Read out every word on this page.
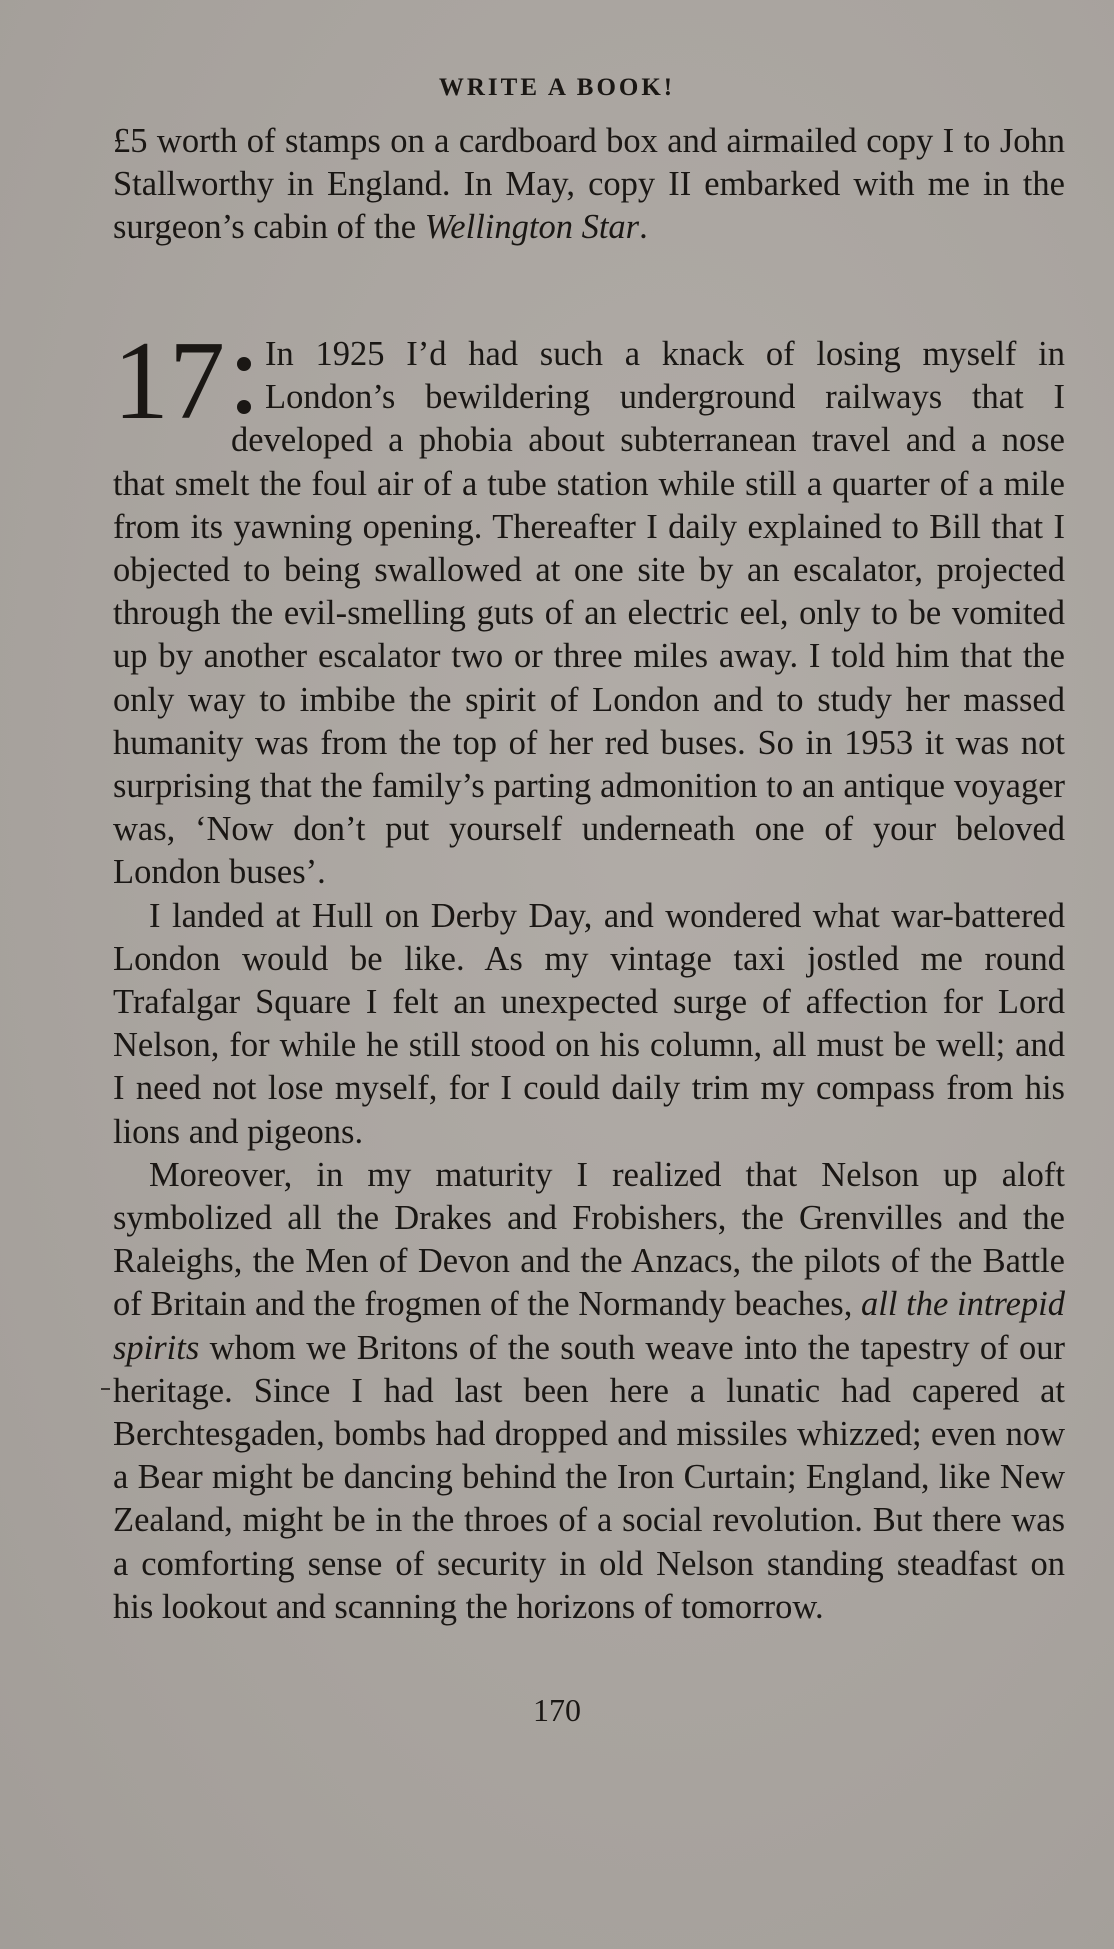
WRITE A BOOK!

£5 worth of stamps on a cardboard box and airmailed copy I to John Stallworthy in England. In May, copy II embarked with me in the surgeon’s cabin of the Wellington Star.

17	In 1925 I’d had such a knack of losing myself in London’s bewildering underground railways that I developed a phobia about subterranean travel and a nose that smelt the foul air of a tube station while still a quarter of a mile from its yawning opening. Thereafter I daily explained to Bill that I objected to being swallowed at one site by an escalator, projected through the evil-smelling guts of an electric eel, only to be vomited up by another escalator two or three miles away. I told him that the only way to imbibe the spirit of London and to study her massed humanity was from the top of her red buses. So in 1953 it was not surprising that the family’s parting admonition to an antique voyager was, ‘Now don’t put yourself underneath one of your beloved London buses’.

I landed at Hull on Derby Day, and wondered what war-battered London would be like. As my vintage taxi jostled me round Trafalgar Square I felt an unexpected surge of affection for Lord Nelson, for while he still stood on his column, all must be well; and I need not lose myself, for I could daily trim my compass from his lions and pigeons.

Moreover, in my maturity I realized that Nelson up aloft symbolized all the Drakes and Frobishers, the Grenvilles and the Raleighs, the Men of Devon and the Anzacs, the pilots of the Battle of Britain and the frogmen of the Normandy beaches, all the intrepid spirits whom we Britons of the south weave into the tapestry of our heritage. Since I had last been here a lunatic had capered at Berchtesgaden, bombs had dropped and missiles whizzed; even now a Bear might be dancing behind the Iron Curtain; England, like New Zealand, might be in the throes of a social revolution. But there was a comforting sense of security in old Nelson standing steadfast on his lookout and scanning the horizons of tomorrow.

170
